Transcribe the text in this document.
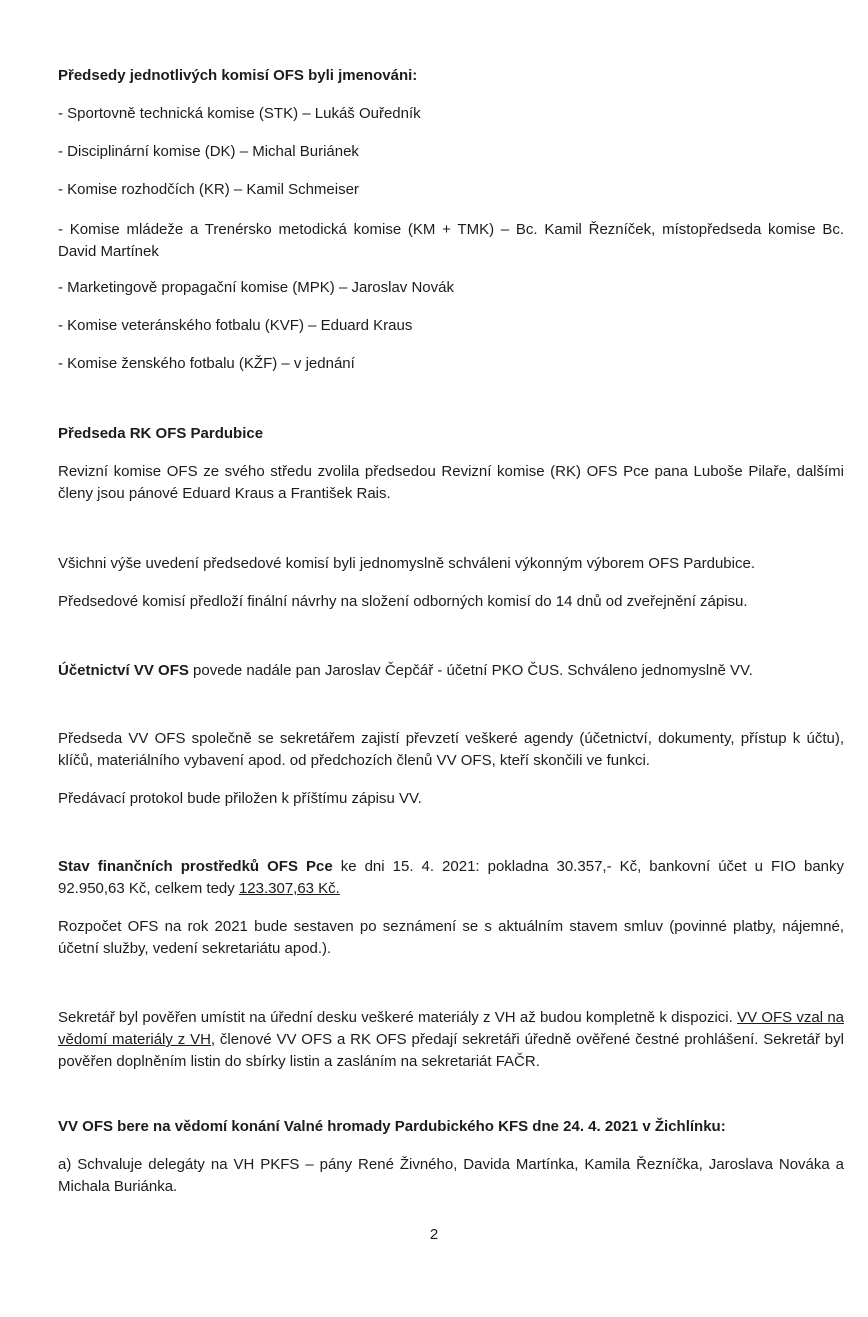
Předsedy jednotlivých komisí OFS byli jmenováni:

- Sportovně technická komise (STK) – Lukáš Ouředník

- Disciplinární komise (DK) – Michal Buriánek

- Komise rozhodčích (KR) – Kamil Schmeiser

- Komise mládeže a Trenérsko metodická komise (KM + TMK) – Bc. Kamil Řezníček, místopředseda komise Bc. David Martínek

- Marketingově propagační komise (MPK) – Jaroslav Novák

- Komise veteránského fotbalu (KVF) – Eduard Kraus

- Komise ženského fotbalu (KŽF) – v jednání

Předseda RK OFS Pardubice

Revizní komise OFS ze svého středu zvolila předsedou Revizní komise (RK) OFS Pce pana Luboše Pilaře, dalšími členy jsou pánové Eduard Kraus a František Rais.

Všichni výše uvedení předsedové komisí byli jednomyslně schváleni výkonným výborem OFS Pardubice.

Předsedové komisí předloží finální návrhy na složení odborných komisí do 14 dnů od zveřejnění zápisu.

Účetnictví VV OFS povede nadále pan Jaroslav Čepčář - účetní PKO ČUS. Schváleno jednomyslně VV.

Předseda VV OFS společně se sekretářem zajistí převzetí veškeré agendy (účetnictví, dokumenty, přístup k účtu), klíčů, materiálního vybavení apod. od předchozích členů VV OFS, kteří skončili ve funkci.

Předávací protokol bude přiložen k příštímu zápisu VV.

Stav finančních prostředků OFS Pce ke dni 15. 4. 2021: pokladna 30.357,- Kč, bankovní účet u FIO banky 92.950,63 Kč, celkem tedy 123.307,63 Kč.

Rozpočet OFS na rok 2021 bude sestaven po seznámení se s aktuálním stavem smluv (povinné platby, nájemné, účetní služby, vedení sekretariátu apod.).

Sekretář byl pověřen umístit na úřední desku veškeré materiály z VH až budou kompletně k dispozici. VV OFS vzal na vědomí materiály z VH, členové VV OFS a RK OFS předají sekretáři úředně ověřené čestné prohlášení. Sekretář byl pověřen doplněním listin do sbírky listin a zasláním na sekretariát FAČR.

VV OFS bere na vědomí konání Valné hromady Pardubického KFS dne 24. 4. 2021 v Žichlínku:

a) Schvaluje delegáty na VH PKFS – pány René Živného, Davida Martínka, Kamila Řezníčka, Jaroslava Nováka a Michala Buriánka.

2
